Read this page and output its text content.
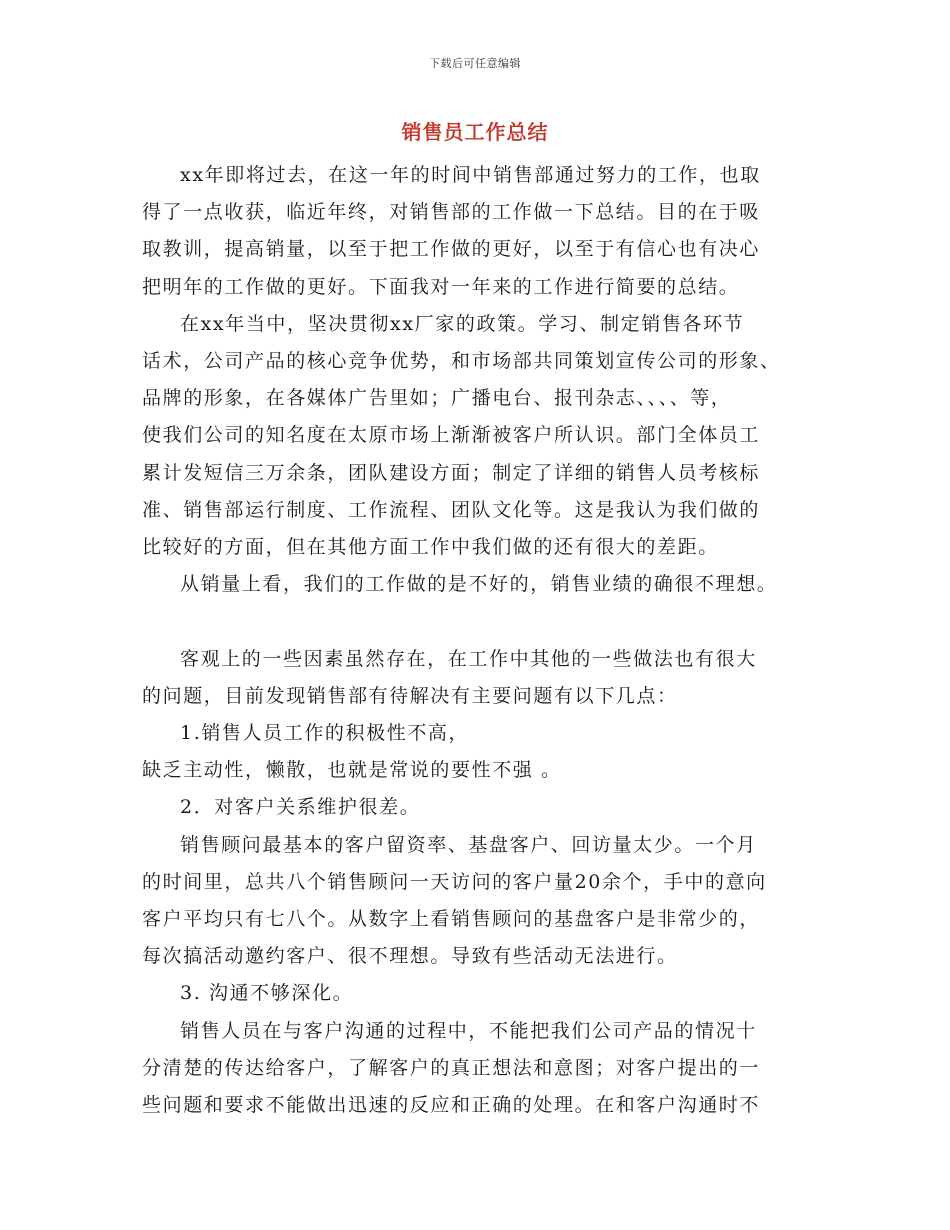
下载后可任意编辑
销售员工作总结

xx年即将过去，在这一年的时间中销售部通过努力的工作，也取

得了一点收获，临近年终，对销售部的工作做一下总结。目的在于吸

取教训，提高销量，以至于把工作做的更好，以至于有信心也有决心

把明年的工作做的更好。下面我对一年来的工作进行简要的总结。

在xx年当中，坚决贯彻xx厂家的政策。学习、制定销售各环节

话术，公司产品的核心竞争优势，和市场部共同策划宣传公司的形象、

品牌的形象，在各媒体广告里如；广播电台、报刊杂志、、、、等，

使我们公司的知名度在太原市场上渐渐被客户所认识。部门全体员工

累计发短信三万余条，团队建设方面；制定了详细的销售人员考核标

准、销售部运行制度、工作流程、团队文化等。这是我认为我们做的

比较好的方面，但在其他方面工作中我们做的还有很大的差距。

从销量上看，我们的工作做的是不好的，销售业绩的确很不理想。

客观上的一些因素虽然存在，在工作中其他的一些做法也有很大

的问题，目前发现销售部有待解决有主要问题有以下几点：

1.销售人员工作的积极性不高，

缺乏主动性，懒散，也就是常说的要性不强 。

2．对客户关系维护很差。

销售顾问最基本的客户留资率、基盘客户、回访量太少。一个月

的时间里，总共八个销售顾问一天访问的客户量20余个，手中的意向

客户平均只有七八个。从数字上看销售顾问的基盘客户是非常少的，

每次搞活动邀约客户、很不理想。导致有些活动无法进行。

3. 沟通不够深化。

销售人员在与客户沟通的过程中，不能把我们公司产品的情况十

分清楚的传达给客户，了解客户的真正想法和意图；对客户提出的一

些问题和要求不能做出迅速的反应和正确的处理。在和客户沟通时不
